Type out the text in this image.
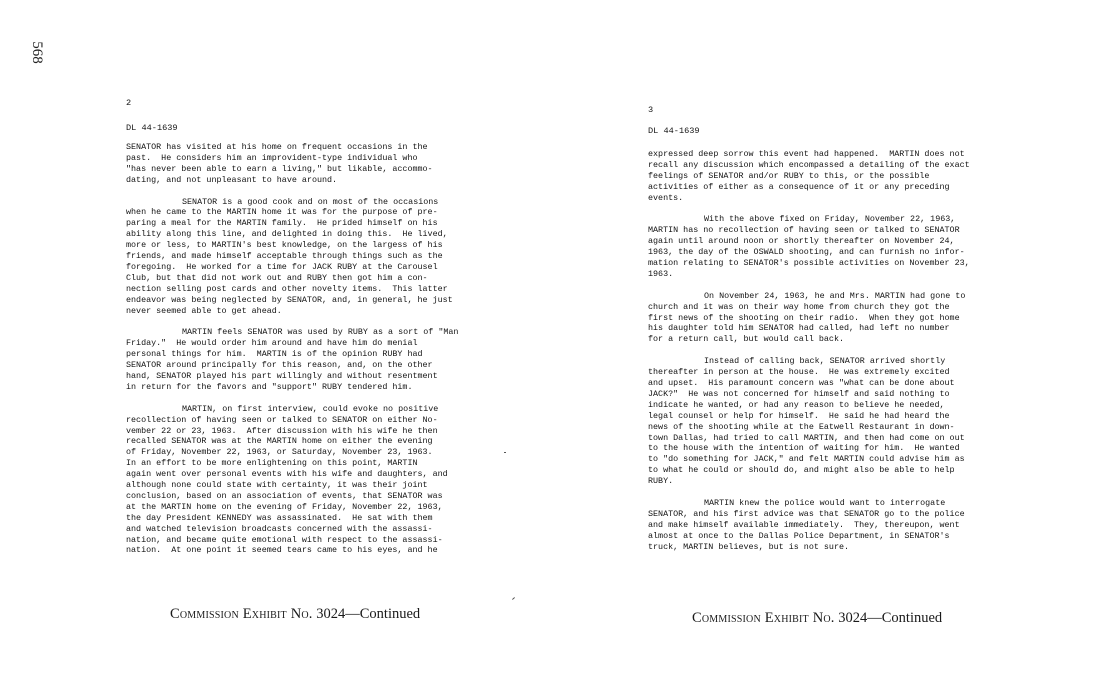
568
2
DL 44-1639
SENATOR has visited at his home on frequent occasions in the
past.  He considers him an improvident-type individual who
"has never been able to earn a living," but likable, accommo-
dating, and not unpleasant to have around.
SENATOR is a good cook and on most of the occasions
when he came to the MARTIN home it was for the purpose of pre-
paring a meal for the MARTIN family.  He prided himself on his
ability along this line, and delighted in doing this.  He lived,
more or less, to MARTIN's best knowledge, on the largess of his
friends, and made himself acceptable through things such as the
foregoing.  He worked for a time for JACK RUBY at the Carousel
Club, but that did not work out and RUBY then got him a con-
nection selling post cards and other novelty items.  This latter
endeavor was being neglected by SENATOR, and, in general, he just
never seemed able to get ahead.
MARTIN feels SENATOR was used by RUBY as a sort of "Man
Friday."  He would order him around and have him do menial
personal things for him.  MARTIN is of the opinion RUBY had
SENATOR around principally for this reason, and, on the other
hand, SENATOR played his part willingly and without resentment
in return for the favors and "support" RUBY tendered him.
MARTIN, on first interview, could evoke no positive
recollection of having seen or talked to SENATOR on either No-
vember 22 or 23, 1963.  After discussion with his wife he then
recalled SENATOR was at the MARTIN home on either the evening
of Friday, November 22, 1963, or Saturday, November 23, 1963.
In an effort to be more enlightening on this point, MARTIN
again went over personal events with his wife and daughters, and
although none could state with certainty, it was their joint
conclusion, based on an association of events, that SENATOR was
at the MARTIN home on the evening of Friday, November 22, 1963,
the day President KENNEDY was assassinated.  He sat with them
and watched television broadcasts concerned with the assassi-
nation, and became quite emotional with respect to the assassi-
nation.  At one point it seemed tears came to his eyes, and he
3
DL 44-1639
expressed deep sorrow this event had happened.  MARTIN does not
recall any discussion which encompassed a detailing of the exact
feelings of SENATOR and/or RUBY to this, or the possible
activities of either as a consequence of it or any preceding
events.
With the above fixed on Friday, November 22, 1963,
MARTIN has no recollection of having seen or talked to SENATOR
again until around noon or shortly thereafter on November 24,
1963, the day of the OSWALD shooting, and can furnish no infor-
mation relating to SENATOR's possible activities on November 23,
1963.
On November 24, 1963, he and Mrs. MARTIN had gone to
church and it was on their way home from church they got the
first news of the shooting on their radio.  When they got home
his daughter told him SENATOR had called, had left no number
for a return call, but would call back.
Instead of calling back, SENATOR arrived shortly
thereafter in person at the house.  He was extremely excited
and upset.  His paramount concern was "what can be done about
JACK?"  He was not concerned for himself and said nothing to
indicate he wanted, or had any reason to believe he needed,
legal counsel or help for himself.  He said he had heard the
news of the shooting while at the Eatwell Restaurant in down-
town Dallas, had tried to call MARTIN, and then had come on out
to the house with the intention of waiting for him.  He wanted
to "do something for JACK," and felt MARTIN could advise him as
to what he could or should do, and might also be able to help
RUBY.
MARTIN knew the police would want to interrogate
SENATOR, and his first advice was that SENATOR go to the police
and make himself available immediately.  They, thereupon, went
almost at once to the Dallas Police Department, in SENATOR's
truck, MARTIN believes, but is not sure.
Commission Exhibit No. 3024—Continued	Commission Exhibit No. 3024—Continued
